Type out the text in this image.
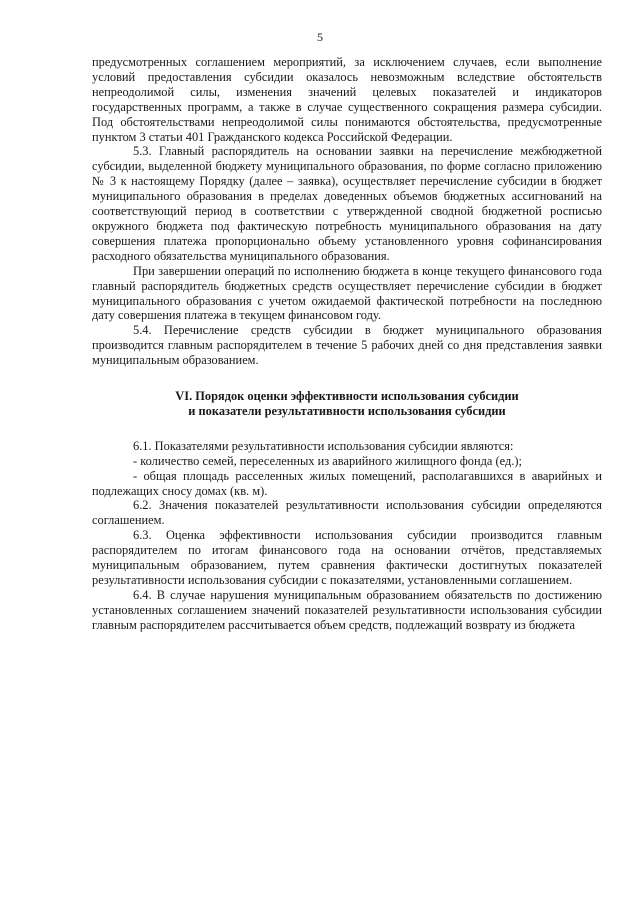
5

предусмотренных соглашением мероприятий, за исключением случаев, если выполнение условий предоставления субсидии оказалось невозможным вследствие обстоятельств непреодолимой силы, изменения значений целевых показателей и индикаторов государственных программ, а также в случае существенного сокращения размера субсидии. Под обстоятельствами непреодолимой силы понимаются обстоятельства, предусмотренные пунктом 3 статьи 401 Гражданского кодекса Российской Федерации.

5.3. Главный распорядитель на основании заявки на перечисление межбюджетной субсидии, выделенной бюджету муниципального образования, по форме согласно приложению № 3 к настоящему Порядку (далее – заявка), осуществляет перечисление субсидии в бюджет муниципального образования в пределах доведенных объемов бюджетных ассигнований на соответствующий период в соответствии с утвержденной сводной бюджетной росписью окружного бюджета под фактическую потребность муниципального образования на дату совершения платежа пропорционально объему установленного уровня софинансирования расходного обязательства муниципального образования.

При завершении операций по исполнению бюджета в конце текущего финансового года главный распорядитель бюджетных средств осуществляет перечисление субсидии в бюджет муниципального образования с учетом ожидаемой фактической потребности на последнюю дату совершения платежа в текущем финансовом году.

5.4. Перечисление средств субсидии в бюджет муниципального образования производится главным распорядителем в течение 5 рабочих дней со дня представления заявки муниципальным образованием.

VI. Порядок оценки эффективности использования субсидии
и показатели результативности использования субсидии

6.1. Показателями результативности использования субсидии являются:

- количество семей, переселенных из аварийного жилищного фонда (ед.);

- общая площадь расселенных жилых помещений, располагавшихся в аварийных и подлежащих сносу домах (кв. м).

6.2. Значения показателей результативности использования субсидии определяются соглашением.

6.3. Оценка эффективности использования субсидии производится главным распорядителем по итогам финансового года на основании отчётов, представляемых муниципальным образованием, путем сравнения фактически достигнутых показателей результативности использования субсидии с показателями, установленными соглашением.

6.4. В случае нарушения муниципальным образованием обязательств по достижению установленных соглашением значений показателей результативности использования субсидии главным распорядителем рассчитывается объем средств, подлежащий возврату из бюджета
